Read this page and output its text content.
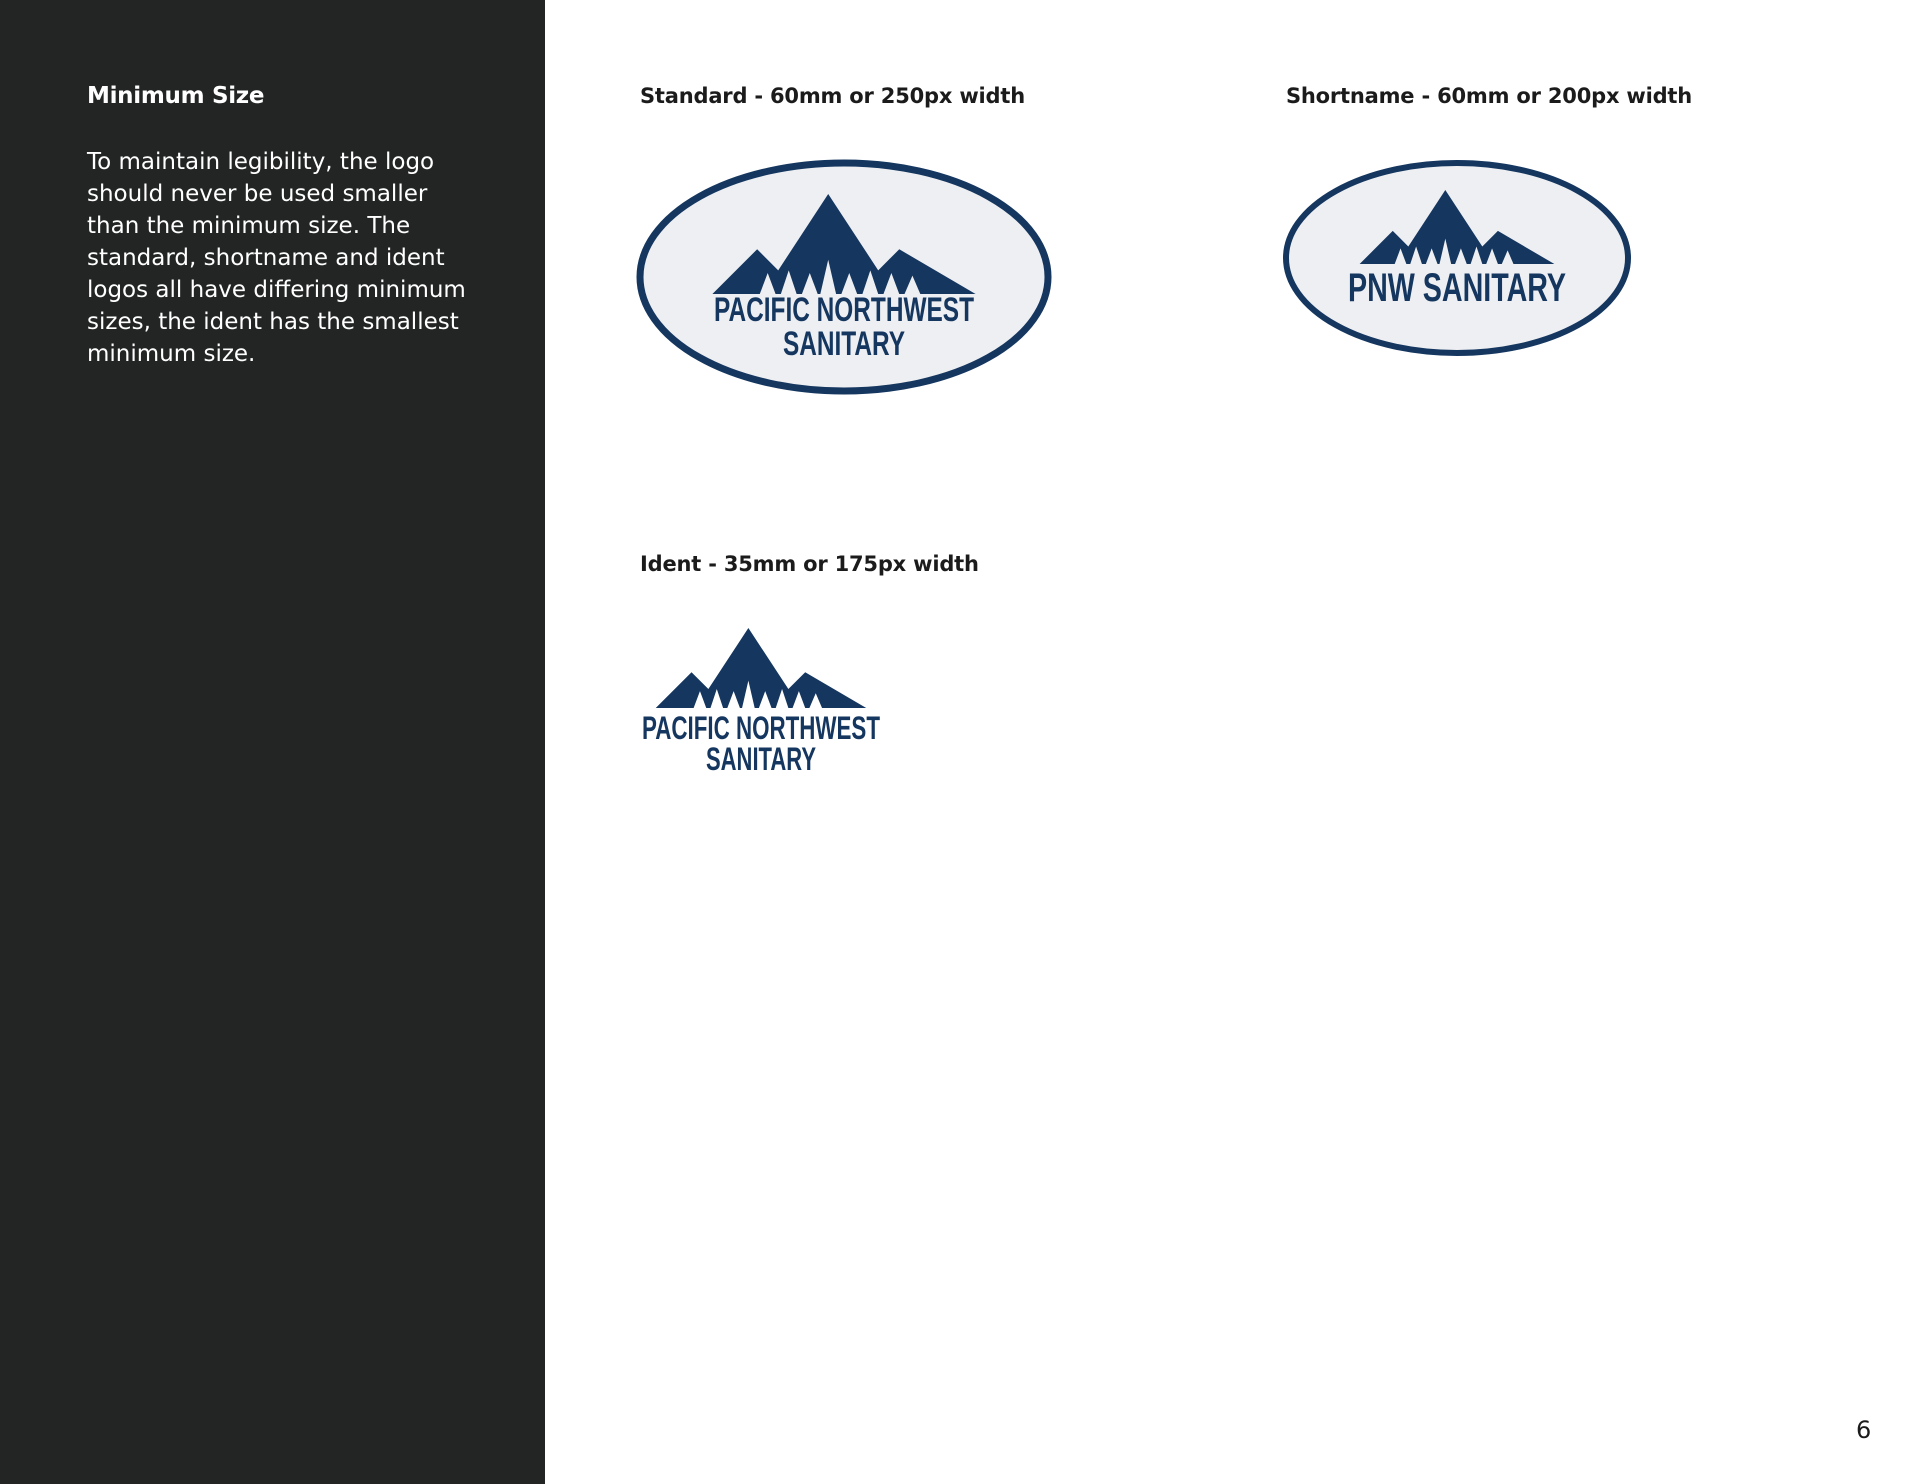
Minimum Size

To maintain legibility, the logo should never be used smaller than the minimum size. The standard, shortname and ident logos all have differing minimum sizes, the ident has the smallest minimum size.

Standard - 60mm or 250px width
PACIFIC NORTHWEST
SANITARY
Shortname - 60mm or 200px width
PNW SANITARY
Ident - 35mm or 175px width
PACIFIC NORTHWEST
SANITARY
6
